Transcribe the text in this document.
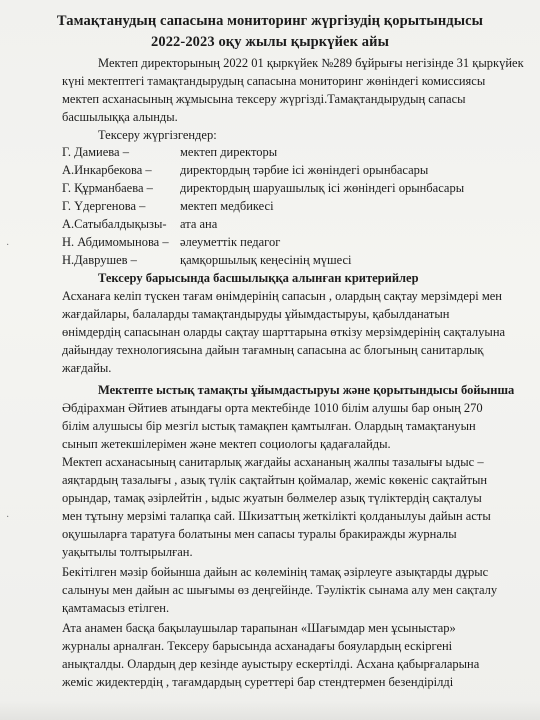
Тамақтанудың сапасына мониторинг жүргізудің қорытындысы
2022-2023 оқу жылы қыркүйек айы
Мектеп директорының 2022 01 қыркүйек №289 бұйрығы негізінде 31 қыркүйек
күні мектептегі тамақтандырудың сапасына мониторинг жөніндегі комиссиясы
мектеп асханасының жұмысына тексеру жүргізді.Тамақтандырудың сапасы
басшылыққа алынды.
Тексеру жүргізгендер:
Г. Дамиева –	мектеп директоры
А.Инкарбекова – директордың тәрбие ісі жөніндегі орынбасары
Г. Құрманбаева – директордың шаруашылық ісі жөніндегі орынбасары
Г. Үдергенова –	мектеп медбикесі
А.Сатыбалдықызы- ата ана
Н. Абдимомынова – әлеуметтік педагог
Н.Даврушев –	қамқоршылық кеңесінің мүшесі
Тексеру барысында басшылыққа алынған критерийлер
Асханаға келіп түскен тағам өнімдерінің сапасын , олардың сақтау мерзімдері мен
жағдайлары, балаларды тамақтандыруды ұйымдастыруы, қабылданатын
өнімдердің сапасынан оларды сақтау шарттарына өткізу мерзімдерінің сақталуына
дайындау технологиясына дайын тағамның сапасына ас блогының санитарлық
жағдайы.
Мектепте ыстық тамақты ұйымдастыруы және қорытындысы бойынша
Әбдірахман Әйтиев атындағы орта мектебінде 1010 білім алушы бар оның 270
білім алушысы бір мезгіл ыстық тамақпен қамтылған. Олардың тамақтануын
сынып жетекшілерімен және мектеп социологы қадағалайды.
Мектеп асханасының санитарлық жағдайы асхананың жалпы тазалығы ыдыс –
аяқтардың тазалығы , азық түлік сақтайтын қоймалар, жеміс көкеніс сақтайтын
орындар, тамақ әзірлейтін , ыдыс жуатын бөлмелер азық түліктердің сақталуы
мен тұтыну мерзімі талапқа сай. Шкизаттың жеткілікті қолданылуы дайын асты
оқушыларға таратуға болатыны мен сапасы туралы бракиражды журналы
уақытылы толтырылған.
Бекітілген мәзір бойынша дайын ас көлемінің тамақ әзірлеуге азықтарды дұрыс
салынуы мен дайын ас шығымы өз деңгейінде. Тәуліктік сынама алу мен сақталу
қамтамасыз етілген.
Ата анамен басқа бақылаушылар тарапынан «Шағымдар мен ұсыныстар»
журналы арналған. Тексеру барысында асханадағы бояулардың ескіргені
анықталды. Олардың дер кезінде ауыстыру ескертілді. Асхана қабырғаларына
жеміс жидектердің , тағамдардың суреттері бар стендтермен безендірілді
·
·
